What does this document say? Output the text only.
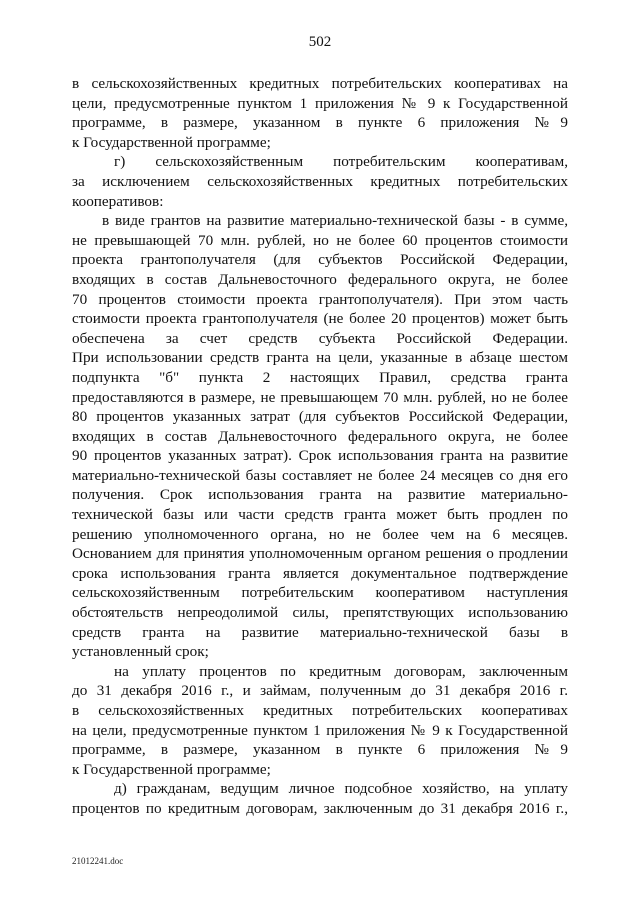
502
в сельскохозяйственных кредитных потребительских кооперативах на
цели, предусмотренные пунктом 1 приложения № 9 к Государственной
программе, в размере, указанном в пункте 6 приложения №9
к Государственной программе;
г) сельскохозяйственным потребительским кооперативам,
за исключением сельскохозяйственных кредитных потребительских
кооперативов:
в виде грантов на развитие материально-технической базы - в сумме,
не превышающей 70 млн. рублей, но не более 60 процентов стоимости
проекта грантополучателя (для субъектов Российской Федерации,
входящих в состав Дальневосточного федерального округа, не более
70 процентов стоимости проекта грантополучателя). При этом часть
стоимости проекта грантополучателя (не более 20 процентов) может быть
обеспечена за счет средств субъекта Российской Федерации.
При использовании средств гранта на цели, указанные в абзаце шестом
подпункта "б" пункта 2 настоящих Правил, средства гранта
предоставляются в размере, не превышающем 70 млн. рублей, но не более
80 процентов указанных затрат (для субъектов Российской Федерации,
входящих в состав Дальневосточного федерального округа, не более
90 процентов указанных затрат). Срок использования гранта на развитие
материально-технической базы составляет не более 24 месяцев со дня его
получения. Срок использования гранта на развитие материально-
технической базы или части средств гранта может быть продлен по
решению уполномоченного органа, но не более чем на 6 месяцев.
Основанием для принятия уполномоченным органом решения о продлении
срока использования гранта является документальное подтверждение
сельскохозяйственным потребительским кооперативом наступления
обстоятельств непреодолимой силы, препятствующих использованию
средств гранта на развитие материально-технической базы в
установленный срок;
на уплату процентов по кредитным договорам, заключенным
до 31 декабря 2016 г., и займам, полученным до 31 декабря 2016 г.
в сельскохозяйственных кредитных потребительских кооперативах
на цели, предусмотренные пунктом 1 приложения № 9 к Государственной
программе, в размере, указанном в пункте 6 приложения №9
к Государственной программе;
д) гражданам, ведущим личное подсобное хозяйство, на уплату
процентов по кредитным договорам, заключенным до 31 декабря 2016 г.,
21012241.doc
